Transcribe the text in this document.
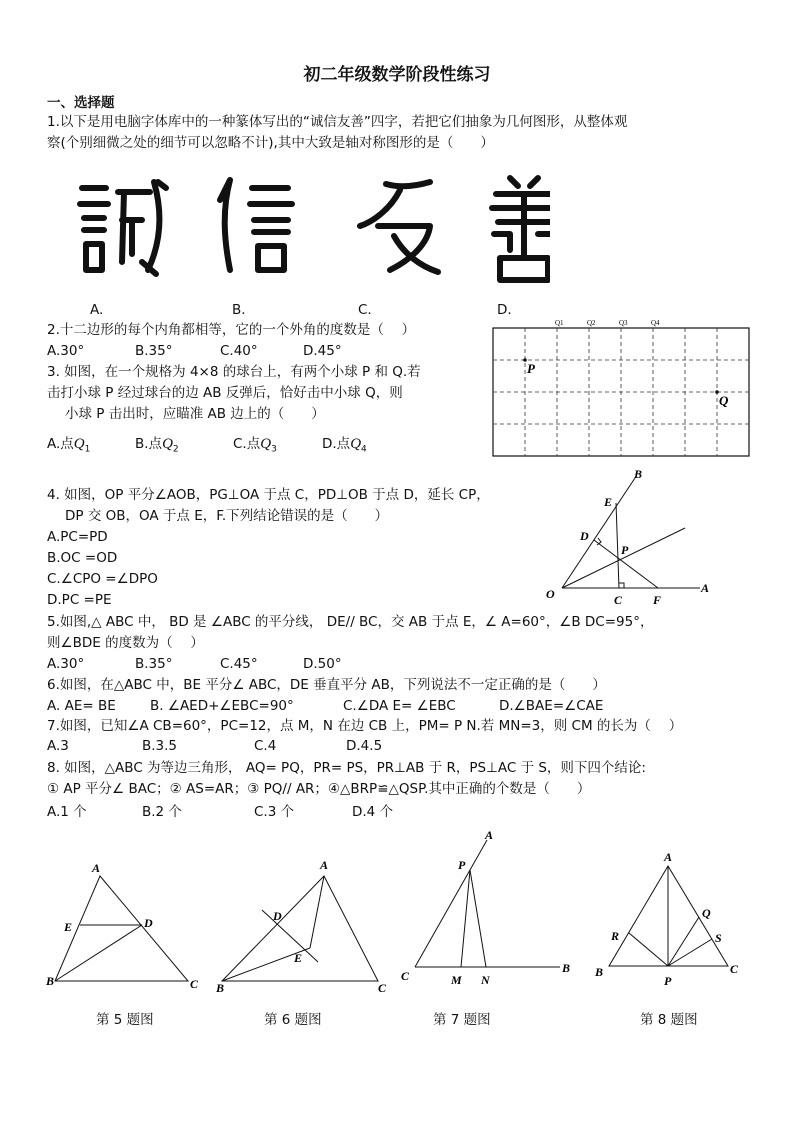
初二年级数学阶段性练习
一、选择题
1.以下是用电脑字体库中的一种篆体写出的“诚信友善”四字，若把它们抽象为几何图形，从整体观
察(个别细微之处的细节可以忽略不计),其中大致是轴对称图形的是（　　）
A.	B.	C.	D.
2.十二边形的每个内角都相等，它的一个外角的度数是（　 ）
A.30°	B.35°	C.40°	D.45°
3. 如图，在一个规格为 4×8 的球台上，有两个小球 P 和 Q.若
击打小球 P 经过球台的边 AB 反弹后，恰好击中小球 Q，则
小球 P 击出时，应瞄准 AB 边上的（　　）
A.点$Q_1$	B.点$Q_2$	C.点$Q_3$	D.点$Q_4$
Q1	Q2	Q3	Q4
P
Q
4. 如图，OP 平分∠AOB，PG⊥OA 于点 C，PD⊥OB 于点 D，延长 CP，
DP 交 OB，OA 于点 E，F.下列结论错误的是（　　）
A.PC=PD
B.OC =OD
C.∠CPO =∠DPO
D.PC =PE
B
E
D
P
O	C	F
A
5.如图,△ ABC 中， BD 是 ∠ABC 的平分线， DE// BC，交 AB 于点 E，∠ A=60°，∠B DC=95°，
则∠BDE 的度数为（　 ）
A.30°	B.35°	C.45°	D.50°
6.如图，在△ABC 中，BE 平分∠ ABC，DE 垂直平分 AB，下列说法不一定正确的是（　　）
A. AE= BE	B. ∠AED+∠EBC=90°	C.∠DA E= ∠EBC	D.∠BAE=∠CAE
7.如图，已知∠A CB=60°，PC=12，点 M，N 在边 CB 上，PM= P N.若 MN=3，则 CM 的长为（　 ）
A.3	B.3.5	C.4	D.4.5
8. 如图，△ABC 为等边三角形， AQ= PQ，PR= PS，PR⊥AB 于 R，PS⊥AC 于 S，则下四个结论:
① AP 平分∠ BAC；② AS=AR；③ PQ// AR；④△BRP≌△QSP.其中正确的个数是（　　）
A.1 个	B.2 个	C.3 个	D.4 个
A
E	D
B	C
第 5 题图
A
D
E
B	C
第 6 题图
A
P
C	M N
B
第 7 题图
A
Q
R	S
B
P
C
第 8 题图
